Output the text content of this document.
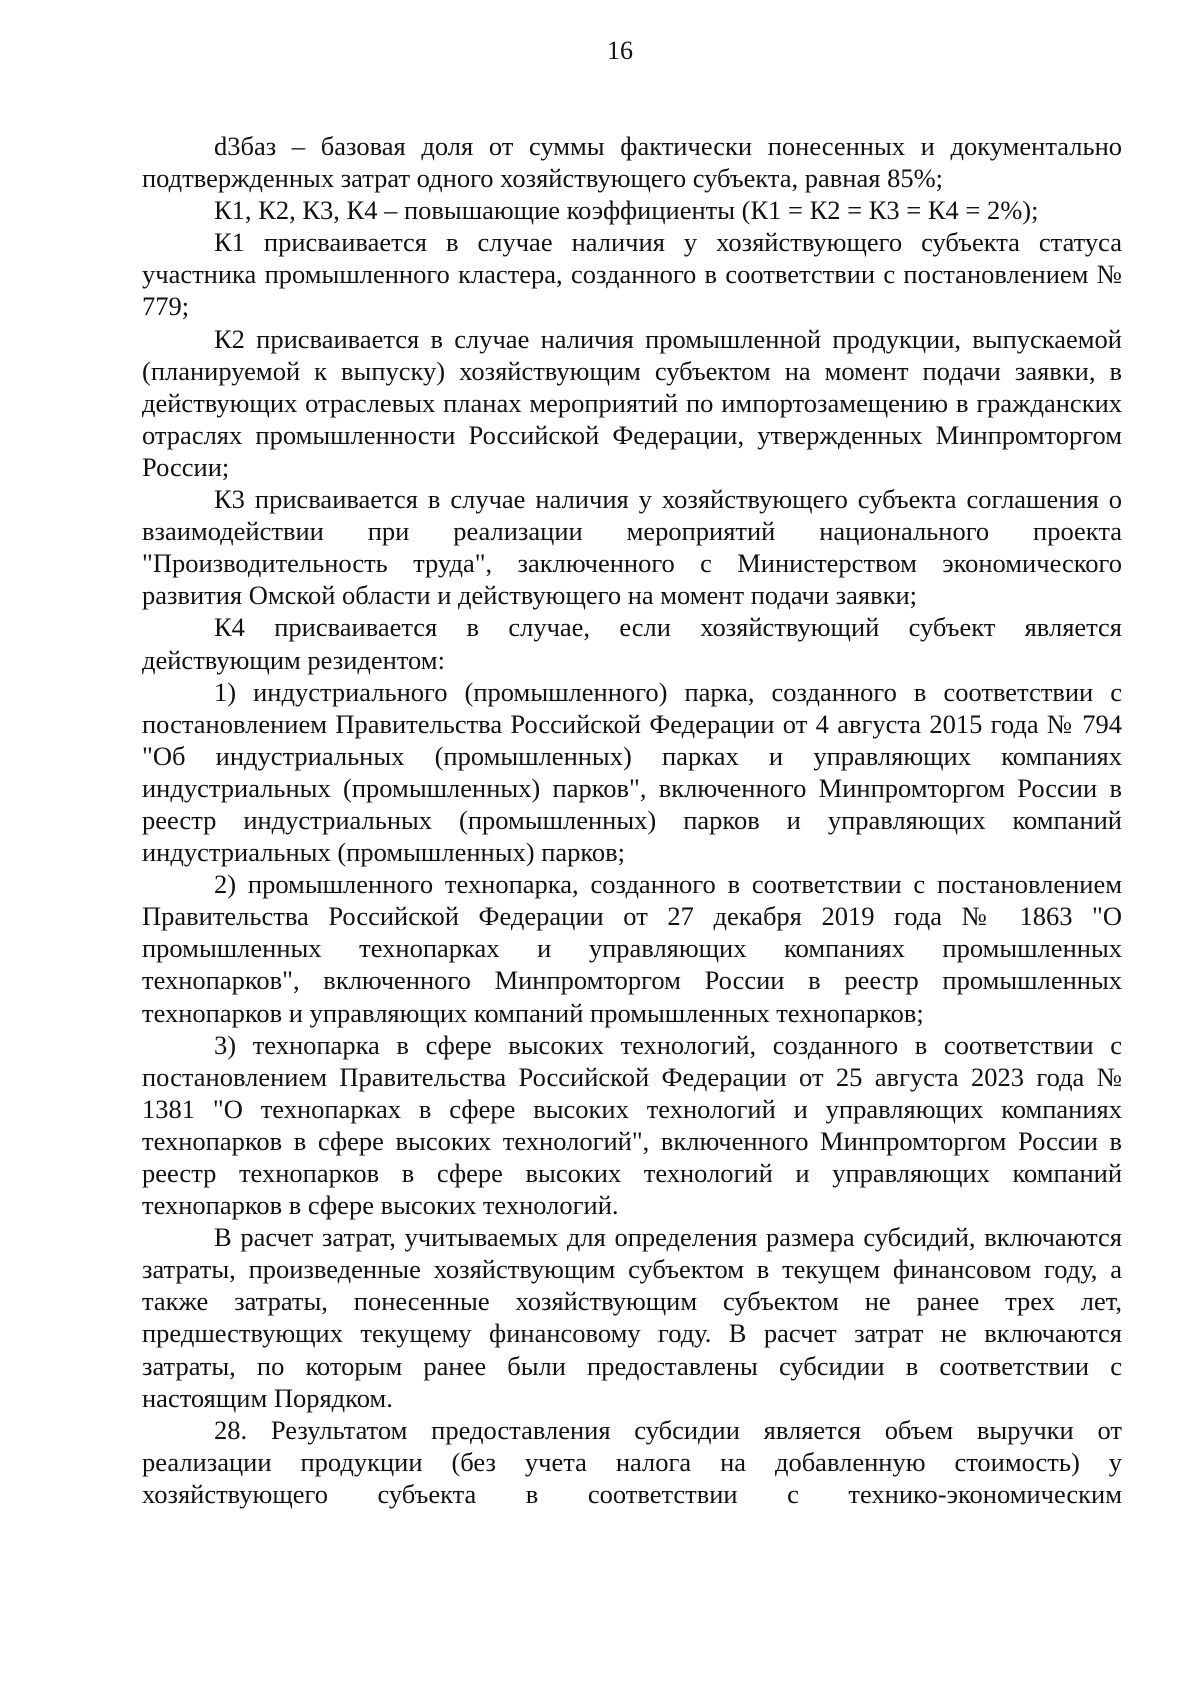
16

d3баз – базовая доля от суммы фактически понесенных и документально подтвержденных затрат одного хозяйствующего субъекта, равная 85%;

К1, К2, К3, К4 – повышающие коэффициенты (К1 = К2 = К3 = К4 = 2%);

К1 присваивается в случае наличия у хозяйствующего субъекта статуса участника промышленного кластера, созданного в соответствии с постановлением № 779;

К2 присваивается в случае наличия промышленной продукции, выпускаемой (планируемой к выпуску) хозяйствующим субъектом на момент подачи заявки, в действующих отраслевых планах мероприятий по импортозамещению в гражданских отраслях промышленности Российской Федерации, утвержденных Минпромторгом России;

К3 присваивается в случае наличия у хозяйствующего субъекта соглашения о взаимодействии при реализации мероприятий национального проекта "Производительность труда", заключенного с Министерством экономического развития Омской области и действующего на момент подачи заявки;

К4 присваивается в случае, если хозяйствующий субъект является действующим резидентом:

1) индустриального (промышленного) парка, созданного в соответствии с постановлением Правительства Российской Федерации от 4 августа 2015 года № 794 "Об индустриальных (промышленных) парках и управляющих компаниях индустриальных (промышленных) парков", включенного Минпромторгом России в реестр индустриальных (промышленных) парков и управляющих компаний индустриальных (промышленных) парков;

2) промышленного технопарка, созданного в соответствии с постановлением Правительства Российской Федерации от 27 декабря 2019 года № 1863 "О промышленных технопарках и управляющих компаниях промышленных технопарков", включенного Минпромторгом России в реестр промышленных технопарков и управляющих компаний промышленных технопарков;

3) технопарка в сфере высоких технологий, созданного в соответствии с постановлением Правительства Российской Федерации от 25 августа 2023 года № 1381 "О технопарках в сфере высоких технологий и управляющих компаниях технопарков в сфере высоких технологий", включенного Минпромторгом России в реестр технопарков в сфере высоких технологий и управляющих компаний технопарков в сфере высоких технологий.

В расчет затрат, учитываемых для определения размера субсидий, включаются затраты, произведенные хозяйствующим субъектом в текущем финансовом году, а также затраты, понесенные хозяйствующим субъектом не ранее трех лет, предшествующих текущему финансовому году. В расчет затрат не включаются затраты, по которым ранее были предоставлены субсидии в соответствии с настоящим Порядком.

28. Результатом предоставления субсидии является объем выручки от реализации продукции (без учета налога на добавленную стоимость) у хозяйствующего субъекта в соответствии с технико-экономическим
